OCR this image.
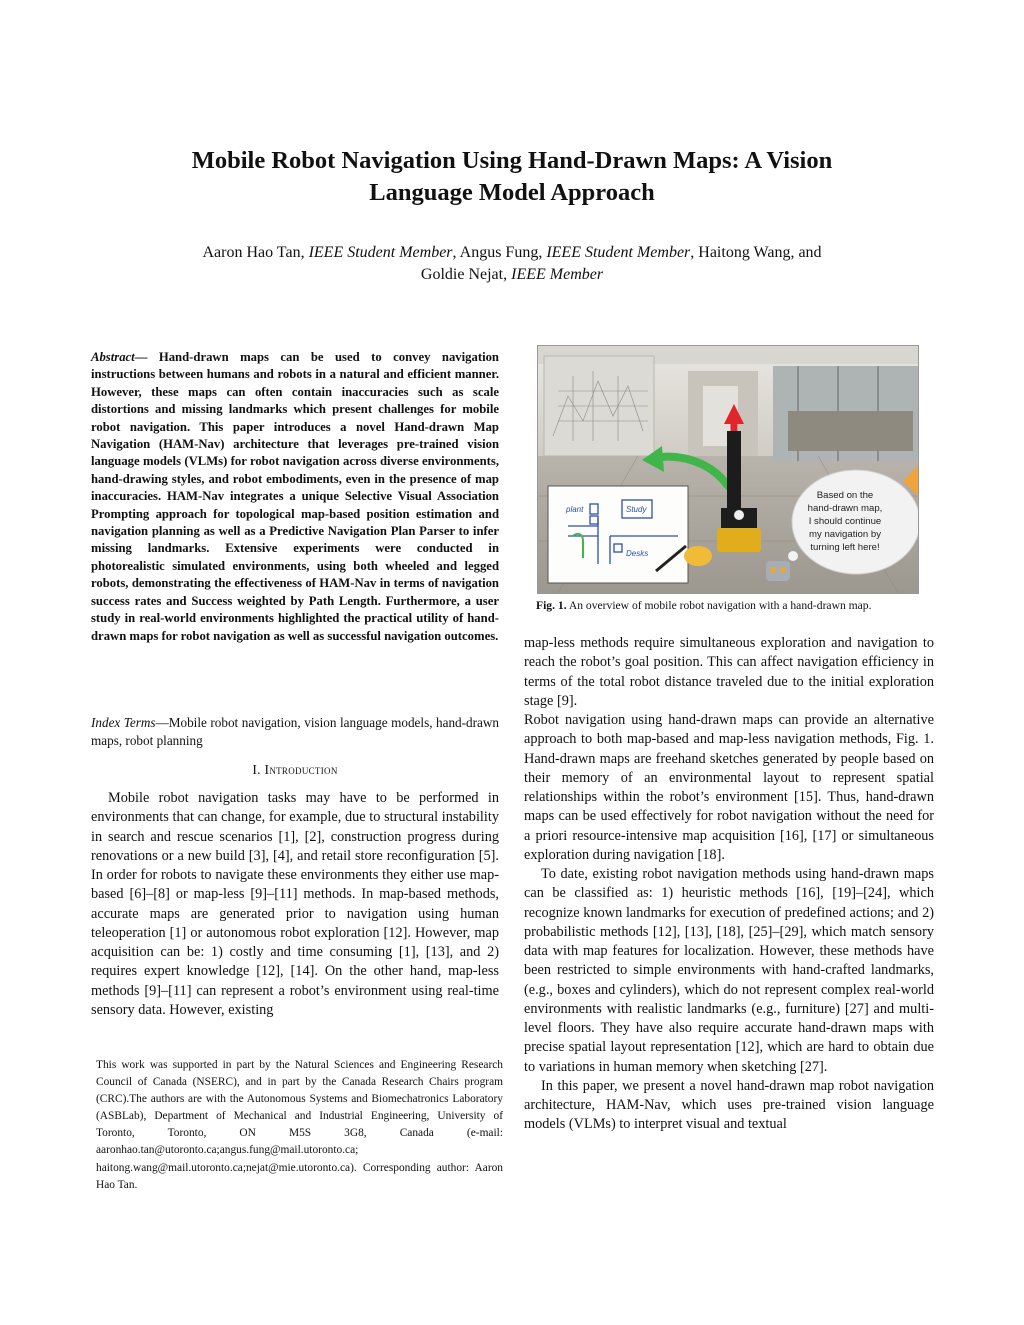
Mobile Robot Navigation Using Hand-Drawn Maps: A Vision
Language Model Approach
Aaron Hao Tan, IEEE Student Member, Angus Fung, IEEE Student Member, Haitong Wang, and
Goldie Nejat, IEEE Member

Abstract— Hand-drawn maps can be used to convey navigation instructions between humans and robots in a natural and efficient manner. However, these maps can often contain inaccuracies such as scale distortions and missing landmarks which present challenges for mobile robot navigation. This paper introduces a novel Hand-drawn Map Navigation (HAM-Nav) architecture that leverages pre-trained vision language models (VLMs) for robot navigation across diverse environments, hand-drawing styles, and robot embodiments, even in the presence of map inaccuracies. HAM-Nav integrates a unique Selective Visual Association Prompting approach for topological map-based position estimation and navigation planning as well as a Predictive Navigation Plan Parser to infer missing landmarks. Extensive experiments were conducted in photorealistic simulated environments, using both wheeled and legged robots, demonstrating the effectiveness of HAM-Nav in terms of navigation success rates and Success weighted by Path Length. Furthermore, a user study in real-world environments highlighted the practical utility of hand-drawn maps for robot navigation as well as successful navigation outcomes.

Index Terms—Mobile robot navigation, vision language models, hand-drawn maps, robot planning

I. Introduction

Mobile robot navigation tasks may have to be performed in environments that can change, for example, due to structural instability in search and rescue scenarios [1], [2], construction progress during renovations or a new build [3], [4], and retail store reconfiguration [5]. In order for robots to navigate these environments they either use map-based [6]–[8] or map-less [9]–[11] methods. In map-based methods, accurate maps are generated prior to navigation using human teleoperation [1] or autonomous robot exploration [12]. However, map acquisition can be: 1) costly and time consuming [1], [13], and 2) requires expert knowledge [12], [14]. On the other hand, map-less methods [9]–[11] can represent a robot’s environment using real-time sensory data. However, existing

This work was supported in part by the Natural Sciences and Engineering Research Council of Canada (NSERC), and in part by the Canada Research Chairs program (CRC).The authors are with the Autonomous Systems and Biomechatronics Laboratory (ASBLab), Department of Mechanical and Industrial Engineering, University of Toronto, Toronto, ON M5S 3G8, Canada (e-mail: aaronhao.tan@utoronto.ca;angus.fung@mail.utoronto.ca; haitong.wang@mail.utoronto.ca;nejat@mie.utoronto.ca). Corresponding author: Aaron Hao Tan.
Based on the
hand-drawn map,
I should continue
my navigation by
turning left here!
plant	Study
Desks
Fig. 1. An overview of mobile robot navigation with a hand-drawn map.

map-less methods require simultaneous exploration and navigation to reach the robot’s goal position. This can affect navigation efficiency in terms of the total robot distance traveled due to the initial exploration stage [9].

Robot navigation using hand-drawn maps can provide an alternative approach to both map-based and map-less navigation methods, Fig. 1. Hand-drawn maps are freehand sketches generated by people based on their memory of an environmental layout to represent spatial relationships within the robot’s environment [15]. Thus, hand-drawn maps can be used effectively for robot navigation without the need for a priori resource-intensive map acquisition [16], [17] or simultaneous exploration during navigation [18].

To date, existing robot navigation methods using hand-drawn maps can be classified as: 1) heuristic methods [16], [19]–[24], which recognize known landmarks for execution of predefined actions; and 2) probabilistic methods [12], [13], [18], [25]–[29], which match sensory data with map features for localization. However, these methods have been restricted to simple environments with hand-crafted landmarks, (e.g., boxes and cylinders), which do not represent complex real-world environments with realistic landmarks (e.g., furniture) [27] and multi-level floors. They have also require accurate hand-drawn maps with precise spatial layout representation [12], which are hard to obtain due to variations in human memory when sketching [27].

In this paper, we present a novel hand-drawn map robot navigation architecture, HAM-Nav, which uses pre-trained vision language models (VLMs) to interpret visual and textual
